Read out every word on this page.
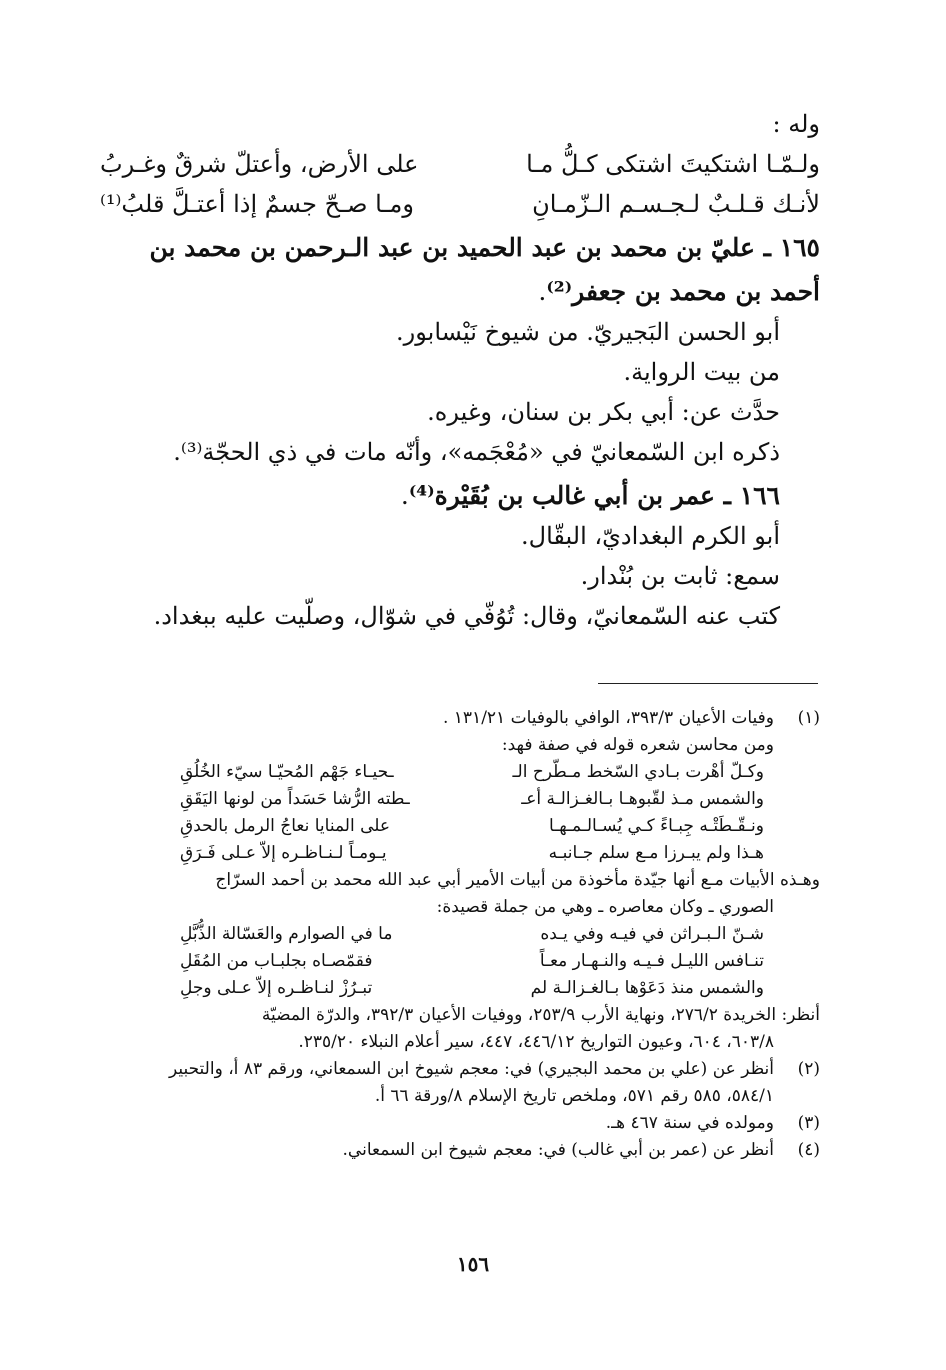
وله :
ولـمّـا اشتكيتَ اشتكى كـلُّ مـا
على الأرض، وأعتلّ شرقٌ وغـربُ
لأنـك قـلـبٌ لـجـسـم الـزّمـانِ
ومـا صـحّ جسمٌ إذا أعتـلَّ قلبُ⁽¹⁾
١٦٥ ـ عليّ بن محمد بن عبد الحميد بن عبد الـرحمن بن محمد بن
أحمد بن محمد بن جعفر⁽²⁾.
أبو الحسن البَجيريّ. من شيوخ نَيْسابور.
من بيت الرواية.
حدَّث عن: أبي بكر بن سنان، وغيره.
ذكره ابن السّمعانيّ في «مُعْجَمه»، وأنّه مات في ذي الحجّة⁽³⁾.
١٦٦ ـ عمر بن أبي غالب بن بُقَيْرة⁽⁴⁾.
أبو الكرم البغداديّ، البقّال.
سمع: ثابت بن بُنْدار.
كتب عنه السّمعانيّ، وقال: تُوُفّي في شوّال، وصلّيت عليه ببغداد.
(١)
وفيات الأعيان ٣٩٣/٣، الوافي بالوفيات ١٣١/٢١ .
ومن محاسن شعره قوله في صفة فهد:
وكـلّ أهْرت بـادي السّخط مـطّرح الـ
ـحيـاء جَهْم المُحيّـا سيّء الخُلُقِ
والشمس مـذ لقّبوهـا بـالغـزالـة أعـ
ـطته الرُّشا حَسَداً من لونها اليَقَقِ
ونـقّـطَتْـه جِبـاءً كـي يُسـالـمـهـا
على المنايا نعاجُ الرمل بالحدقِ
هـذا ولم يبـرزا مـع سلم جـانبـه
يـومـاً لـنـاظـره إلاّ عـلى فَـرَقِ
وهـذه الأبيات مـع أنها جيّدة مأخوذة من أبيات الأمير أبي عبد الله محمد بن أحمد السرّاج
الصوري ـ وكان معاصره ـ وهي من جملة قصيدة:
شـنّ الـبـراثن في فيـه وفي يـده
ما في الصوارم والعَسّالة الذُّبَّلِ
تنـافس الليـل فـيـه والنـهـار معـاً
فقمّصـاه بجلبـاب من المُقَلِ
والشمس منذ دَعَوْها بـالغـزالـة لم
تبـرُزْ لنـاظـره إلاّ عـلى وجلِ
أنظر: الخريدة ٢٧٦/٢، ونهاية الأرب ٢٥٣/٩، ووفيات الأعيان ٣٩٢/٣، والدرّة المضيّة
٦٠٣/٨، ٦٠٤، وعيون التواريخ ٤٤٦/١٢، ٤٤٧، سير أعلام النبلاء ٢٣٥/٢٠.
(٢)
أنظر عن (علي بن محمد البجيري) في: معجم شيوخ ابن السمعاني، ورقم ٨٣ أ، والتحبير
٥٨٤/١، ٥٨٥ رقم ٥٧١، وملخص تاريخ الإسلام ٨/ورقة ٦٦ أ.
(٣)
ومولده في سنة ٤٦٧ هـ.
(٤)
أنظر عن (عمر بن أبي غالب) في: معجم شيوخ ابن السمعاني.
١٥٦
